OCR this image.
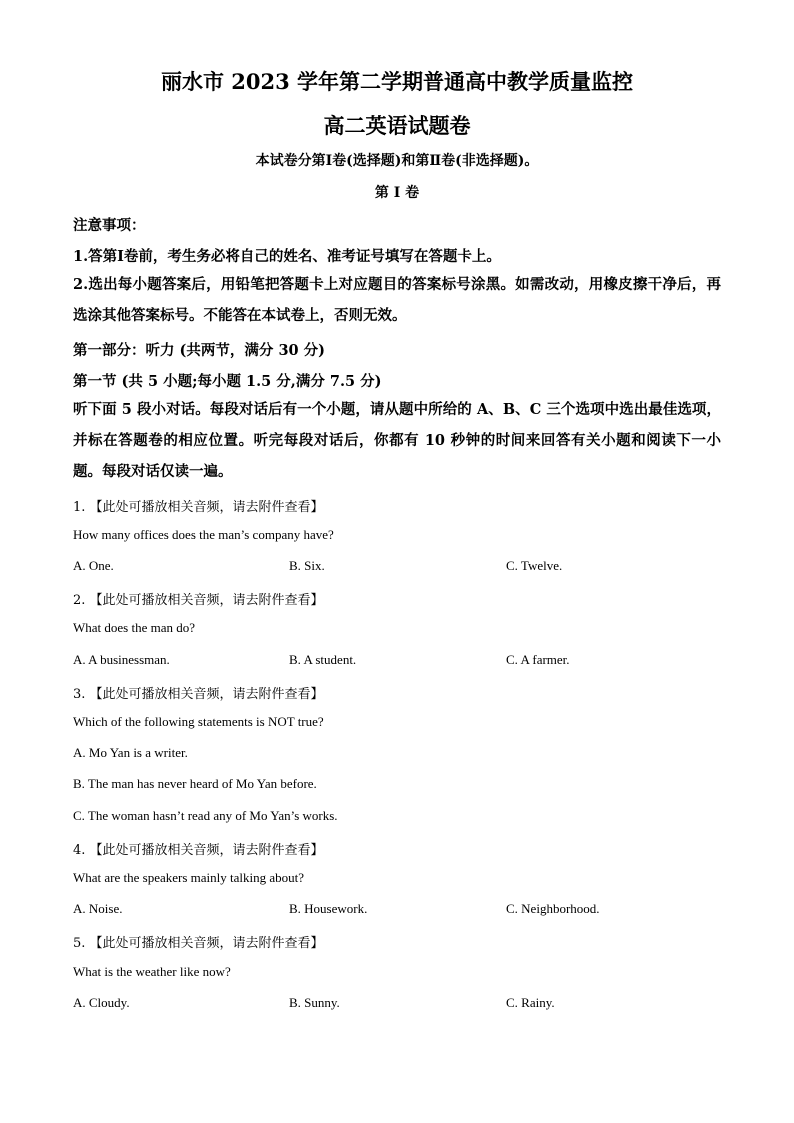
丽水市 2023 学年第二学期普通高中教学质量监控
高二英语试题卷
本试卷分第Ⅰ卷(选择题)和第Ⅱ卷(非选择题)。
第 Ⅰ 卷
注意事项：
1.答第Ⅰ卷前，考生务必将自己的姓名、准考证号填写在答题卡上。
2.选出每小题答案后，用铅笔把答题卡上对应题目的答案标号涂黑。如需改动，用橡皮擦干净后，再选涂其他答案标号。不能答在本试卷上，否则无效。
第一部分：听力 (共两节，满分 30 分)
第一节 (共 5 小题;每小题 1.5 分,满分 7.5 分)
听下面 5 段小对话。每段对话后有一个小题，请从题中所给的 A、B、C 三个选项中选出最佳选项，并标在答题卷的相应位置。听完每段对话后，你都有 10 秒钟的时间来回答有关小题和阅读下一小题。每段对话仅读一遍。
1. 【此处可播放相关音频，请去附件查看】
How many offices does the man’s company have?
A. One.	B. Six.	C. Twelve.
2. 【此处可播放相关音频，请去附件查看】
What does the man do?
A. A businessman.	B. A student.	C. A farmer.
3. 【此处可播放相关音频，请去附件查看】
Which of the following statements is NOT true?
A. Mo Yan is a writer.
B. The man has never heard of Mo Yan before.
C. The woman hasn’t read any of Mo Yan’s works.
4. 【此处可播放相关音频，请去附件查看】
What are the speakers mainly talking about?
A. Noise.	B. Housework.	C. Neighborhood.
5. 【此处可播放相关音频，请去附件查看】
What is the weather like now?
A. Cloudy.	B. Sunny.	C. Rainy.
